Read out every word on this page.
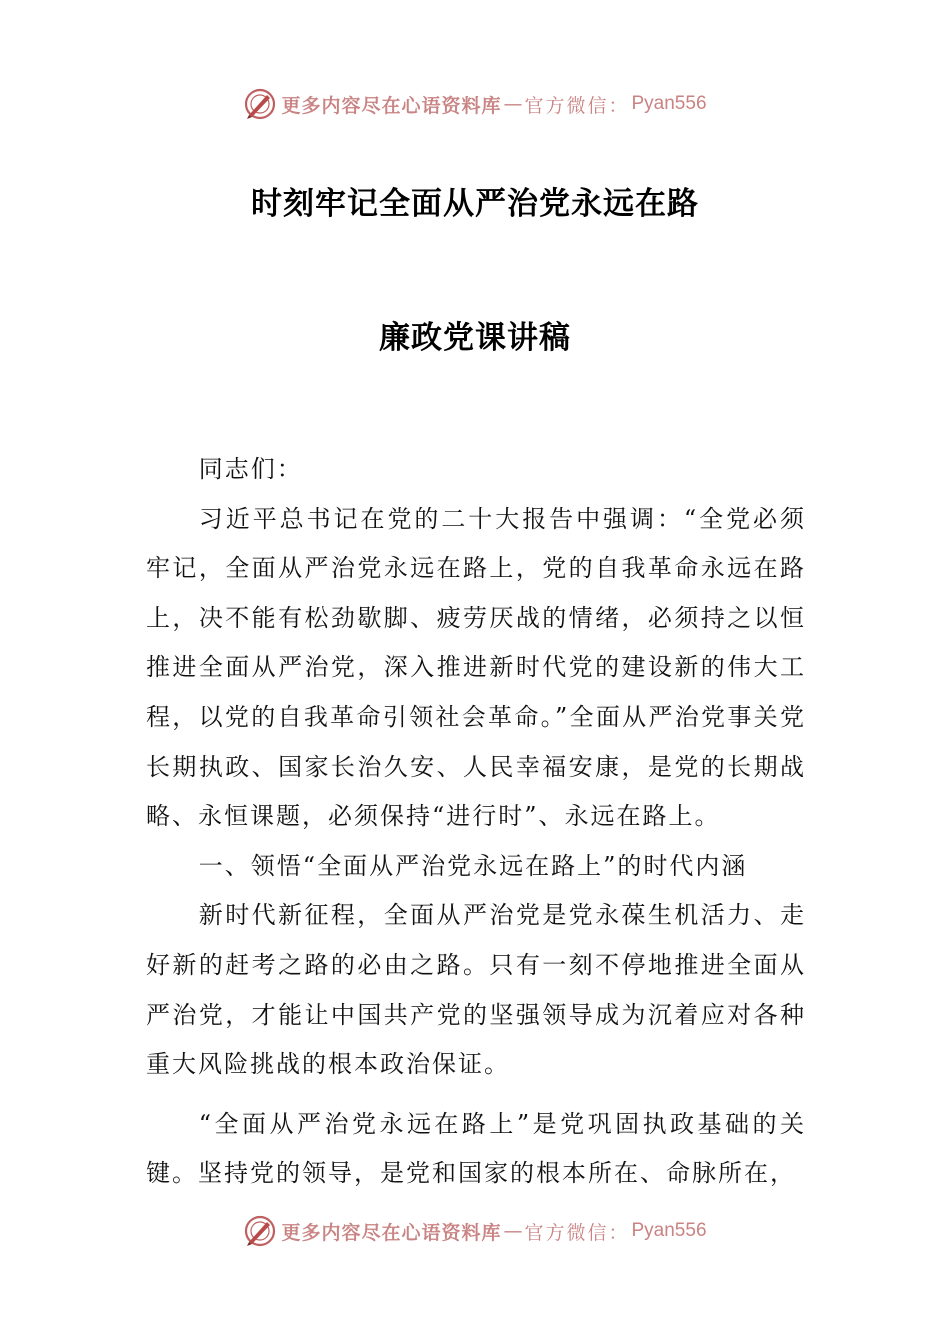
更多内容尽在心语资料库 — 官方微信： Pyan556
时刻牢记全面从严治党永远在路
廉政党课讲稿

同志们：

习近平总书记在党的二十大报告中强调：“全党必须牢记，全面从严治党永远在路上，党的自我革命永远在路上，决不能有松劲歇脚、疲劳厌战的情绪，必须持之以恒推进全面从严治党，深入推进新时代党的建设新的伟大工程，以党的自我革命引领社会革命。”全面从严治党事关党长期执政、国家长治久安、人民幸福安康，是党的长期战略、永恒课题，必须保持“进行时”、永远在路上。

一、领悟“全面从严治党永远在路上”的时代内涵

新时代新征程，全面从严治党是党永葆生机活力、走好新的赶考之路的必由之路。只有一刻不停地推进全面从严治党，才能让中国共产党的坚强领导成为沉着应对各种重大风险挑战的根本政治保证。

“全面从严治党永远在路上”是党巩固执政基础的关键。坚持党的领导，是党和国家的根本所在、命脉所在，

更多内容尽在心语资料库 — 官方微信： Pyan556
